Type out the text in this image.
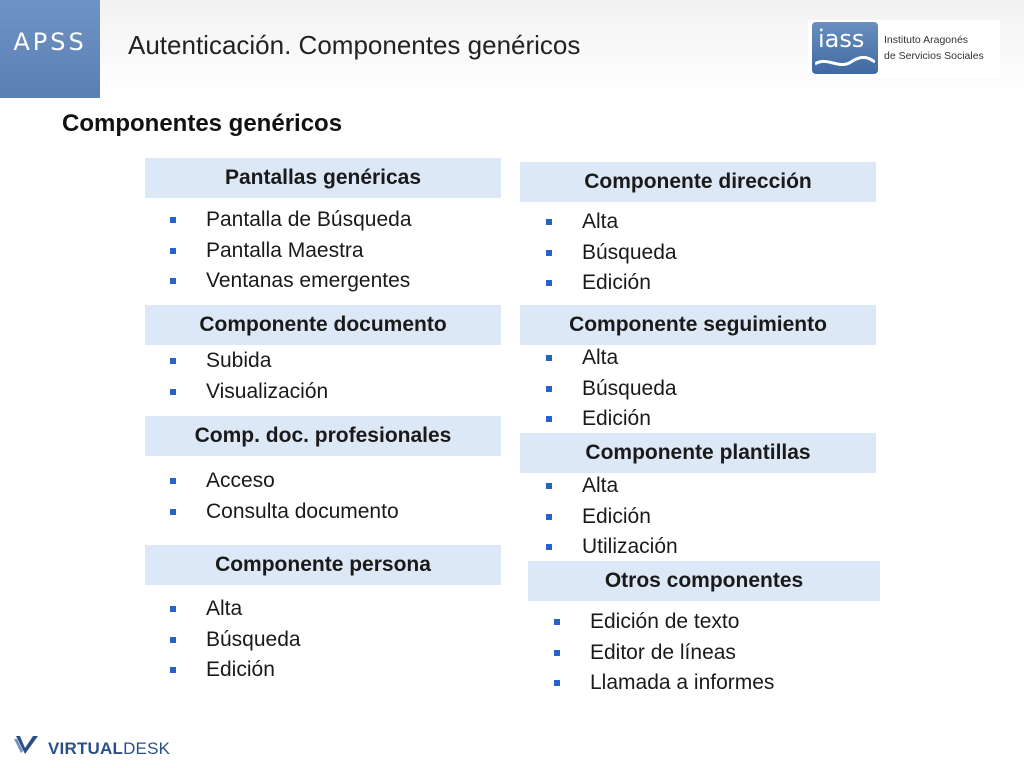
APSS	Autenticación. Componentes genéricos	iass Instituto Aragonés
de Servicios Sociales
Componentes genéricos
Pantallas genéricas
Pantalla de Búsqueda
Pantalla Maestra
Ventanas emergentes
Componente documento
Subida
Visualización
Comp. doc. profesionales
Acceso
Consulta documento
Componente persona
Alta
Búsqueda
Edición
Componente dirección
Alta
Búsqueda
Edición
Componente seguimiento
Alta
Búsqueda
Edición
Componente plantillas
Alta
Edición
Utilización
Otros componentes
Edición de texto
Editor de líneas
Llamada a informes
VIRTUALDESK
